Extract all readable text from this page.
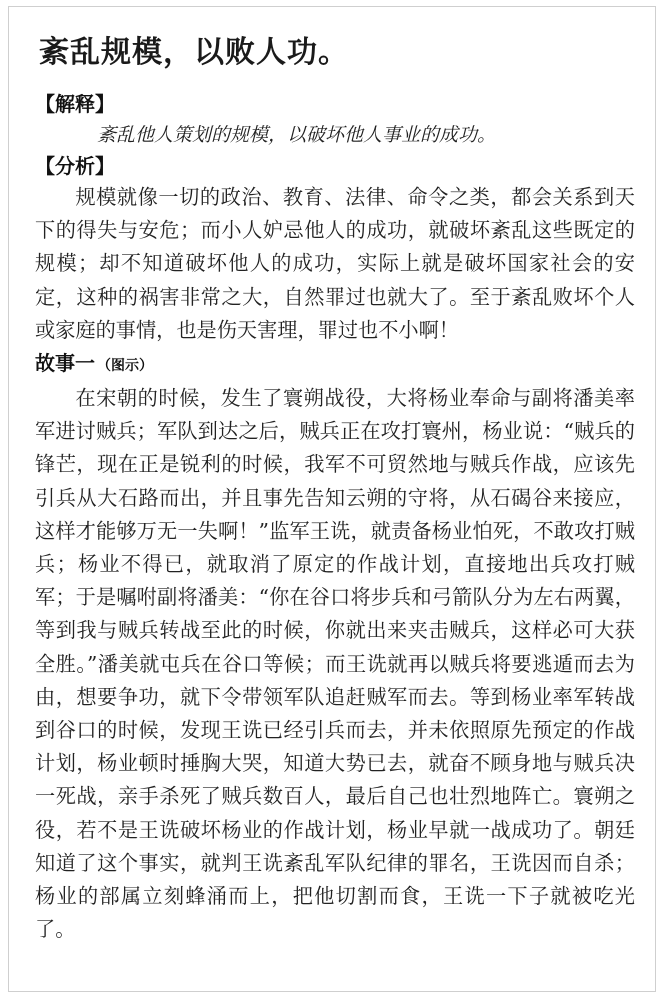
紊乱规模，以败人功。
【解释】
紊乱他人策划的规模，以破坏他人事业的成功。
【分析】

规模就像一切的政治、教育、法律、命令之类，都会关系到天下的得失与安危；而小人妒忌他人的成功，就破坏紊乱这些既定的规模；却不知道破坏他人的成功，实际上就是破坏国家社会的安定，这种的祸害非常之大，自然罪过也就大了。至于紊乱败坏个人或家庭的事情，也是伤天害理，罪过也不小啊！

故事一 （图示）

在宋朝的时候，发生了寰朔战役，大将杨业奉命与副将潘美率军进讨贼兵；军队到达之后，贼兵正在攻打寰州，杨业说：“贼兵的锋芒，现在正是锐利的时候，我军不可贸然地与贼兵作战，应该先引兵从大石路而出，并且事先告知云朔的守将，从石碣谷来接应，这样才能够万无一失啊！”监军王诜，就责备杨业怕死，不敢攻打贼兵；杨业不得已，就取消了原定的作战计划，直接地出兵攻打贼军；于是嘱咐副将潘美：“你在谷口将步兵和弓箭队分为左右两翼，等到我与贼兵转战至此的时候，你就出来夹击贼兵，这样必可大获全胜。”潘美就屯兵在谷口等候；而王诜就再以贼兵将要逃遁而去为由，想要争功，就下令带领军队追赶贼军而去。等到杨业率军转战到谷口的时候，发现王诜已经引兵而去，并未依照原先预定的作战计划，杨业顿时捶胸大哭，知道大势已去，就奋不顾身地与贼兵决一死战，亲手杀死了贼兵数百人，最后自己也壮烈地阵亡。寰朔之役，若不是王诜破坏杨业的作战计划，杨业早就一战成功了。朝廷知道了这个事实，就判王诜紊乱军队纪律的罪名，王诜因而自杀；杨业的部属立刻蜂涌而上，把他切割而食，王诜一下子就被吃光了。
